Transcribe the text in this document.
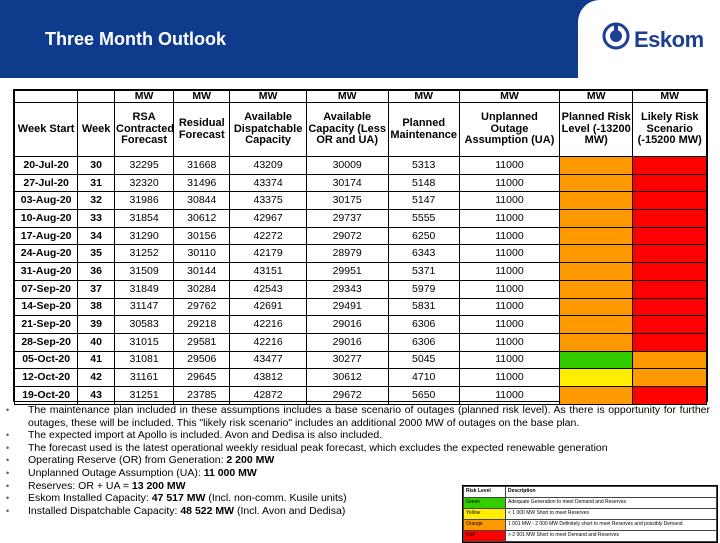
Three Month Outlook	Eskom
		MW	MW	MW	MW	MW	MW	MW	MW
Week Start	Week	RSA Contracted Forecast	Residual Forecast	Available Dispatchable Capacity	Available Capacity (Less OR and UA)	Planned Maintenance	Unplanned Outage Assumption (UA)	Planned Risk Level (-13200 MW)	Likely Risk Scenario (-15200 MW)
20-Jul-20	30	32295	31668	43209	30009	5313	11000		
27-Jul-20	31	32320	31496	43374	30174	5148	11000		
03-Aug-20	32	31986	30844	43375	30175	5147	11000		
10-Aug-20	33	31854	30612	42967	29737	5555	11000		
17-Aug-20	34	31290	30156	42272	29072	6250	11000		
24-Aug-20	35	31252	30110	42179	28979	6343	11000		
31-Aug-20	36	31509	30144	43151	29951	5371	11000		
07-Sep-20	37	31849	30284	42543	29343	5979	11000		
14-Sep-20	38	31147	29762	42691	29491	5831	11000		
21-Sep-20	39	30583	29218	42216	29016	6306	11000		
28-Sep-20	40	31015	29581	42216	29016	6306	11000		
05-Oct-20	41	31081	29506	43477	30277	5045	11000		
12-Oct-20	42	31161	29645	43812	30612	4710	11000		
19-Oct-20	43	31251	23785	42872	29672	5650	11000		
• The maintenance plan included in these assumptions includes a base scenario of outages (planned risk level). As there is opportunity for further outages, these will be included. This "likely risk scenario" includes an additional 2000 MW of outages on the base plan.
• The expected import at Apollo is included. Avon and Dedisa is also included.
• The forecast used is the latest operational weekly residual peak forecast, which excludes the expected renewable generation
• Operating Reserve (OR) from Generation: 2 200 MW
• Unplanned Outage Assumption (UA): 11 000 MW
• Reserves: OR + UA = 13 200 MW
• Eskom Installed Capacity: 47 517 MW (Incl. non-comm. Kusile units)
• Installed Dispatchable Capacity: 48 522 MW (Incl. Avon and Dedisa)
Risk Level	Description
Green	Adequate Generation to meet Demand and Reserves
Yellow	< 1 000 MW Short to meet Reserves
Orange	1 001 MW - 2 000 MW Definitely short to meet Reserves and possibly Demand
Red	> 2 001 MW Short to meet Demand and Reserves
